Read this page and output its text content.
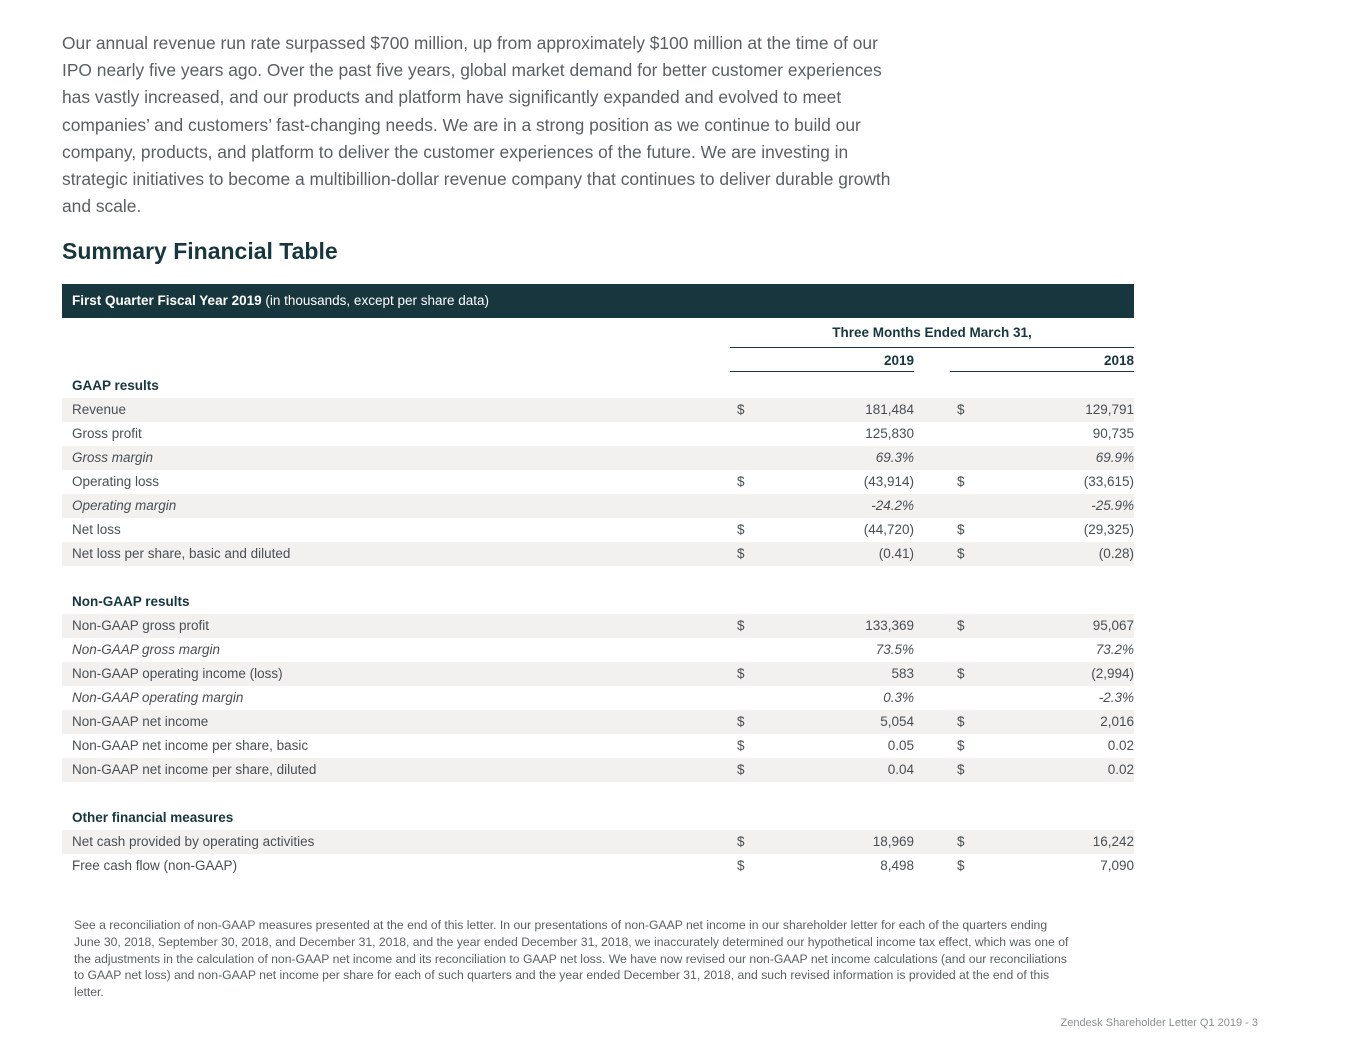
Our annual revenue run rate surpassed $700 million, up from approximately $100 million at the time of our IPO nearly five years ago. Over the past five years, global market demand for better customer experiences has vastly increased, and our products and platform have significantly expanded and evolved to meet companies’ and customers’ fast-changing needs. We are in a strong position as we continue to build our company, products, and platform to deliver the customer experiences of the future. We are investing in strategic initiatives to become a multibillion-dollar revenue company that continues to deliver durable growth and scale.

Summary Financial Table
First Quarter Fiscal Year 2019 (in thousands, except per share data)
Three Months Ended March 31,
2019	2018
GAAP results
Revenue	$	181,484	$	129,791
Gross profit	125,830	90,735
Gross margin	69.3%	69.9%
Operating loss	$	(43,914)	$	(33,615)
Operating margin	-24.2%	-25.9%
Net loss	$	(44,720)	$	(29,325)
Net loss per share, basic and diluted	$	(0.41)	$	(0.28)
Non-GAAP results
Non-GAAP gross profit	$	133,369	$	95,067
Non-GAAP gross margin	73.5%	73.2%
Non-GAAP operating income (loss)	$	583	$	(2,994)
Non-GAAP operating margin	0.3%	-2.3%
Non-GAAP net income	$	5,054	$	2,016
Non-GAAP net income per share, basic	$	0.05	$	0.02
Non-GAAP net income per share, diluted	$	0.04	$	0.02
Other financial measures
Net cash provided by operating activities	$	18,969	$	16,242
Free cash flow (non-GAAP)	$	8,498	$	7,090

See a reconciliation of non-GAAP measures presented at the end of this letter. In our presentations of non-GAAP net income in our shareholder letter for each of the quarters ending June 30, 2018, September 30, 2018, and December 31, 2018, and the year ended December 31, 2018, we inaccurately determined our hypothetical income tax effect, which was one of the adjustments in the calculation of non-GAAP net income and its reconciliation to GAAP net loss. We have now revised our non-GAAP net income calculations (and our reconciliations to GAAP net loss) and non-GAAP net income per share for each of such quarters and the year ended December 31, 2018, and such revised information is provided at the end of this letter.

Zendesk Shareholder Letter Q1 2019 - 3
